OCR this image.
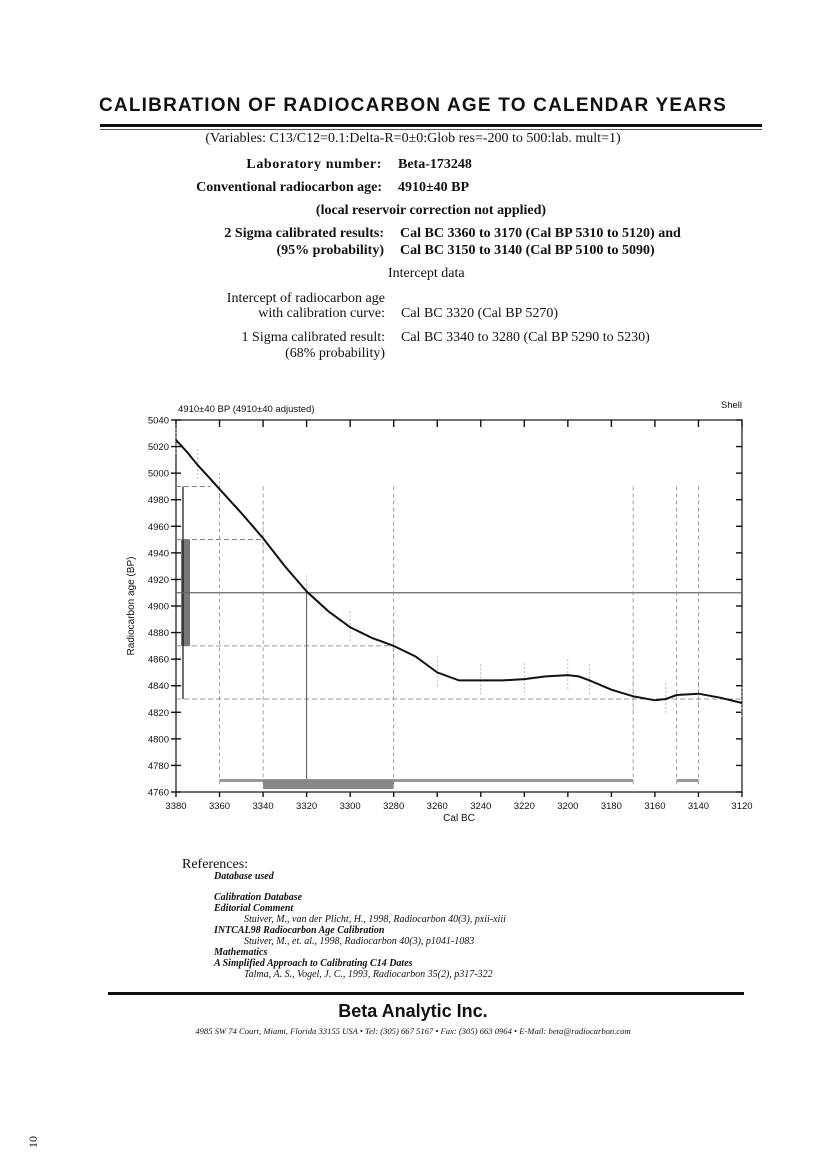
CALIBRATION OF RADIOCARBON AGE TO CALENDAR YEARS
(Variables: C13/C12=0.1:Delta-R=0±0:Glob res=-200 to 500:lab. mult=1)
Laboratory number: Beta-173248
Conventional radiocarbon age: 4910±40 BP
(local reservoir correction not applied)
2 Sigma calibrated results:
(95% probability)
Cal BC 3360 to 3170 (Cal BP 5310 to 5120) and
Cal BC 3150 to 3140 (Cal BP 5100 to 5090)
Intercept data
Intercept of radiocarbon age
with calibration curve: Cal BC 3320 (Cal BP 5270)
1 Sigma calibrated result:
(68% probability)
Cal BC 3340 to 3280 (Cal BP 5290 to 5230)
3380 3360 3340 3320 3300 3280 3260 3240 3220 3200 3180 3160 3140 3120
5040
5020
5000
4980
4960
4940
4920
4900
4880
4860
4840
4820
4800
4780
4760
4910±40 BP (4910±40 adjusted)	Shell
Cal BC
Radiocarbon age (BP)
References:
Database used
Calibration Database
Editorial Comment
Stuiver, M., van der Plicht, H., 1998, Radiocarbon 40(3), pxii-xiii
INTCAL98 Radiocarbon Age Calibration
Stuiver, M., et. al., 1998, Radiocarbon 40(3), p1041-1083
Mathematics
A Simplified Approach to Calibrating C14 Dates
Talma, A. S., Vogel, J. C., 1993, Radiocarbon 35(2), p317-322
Beta Analytic Inc.
4985 SW 74 Court, Miami, Florida 33155 USA • Tel: (305) 667 5167 • Fax: (305) 663 0964 • E-Mail: beta@radiocarbon.com
10
